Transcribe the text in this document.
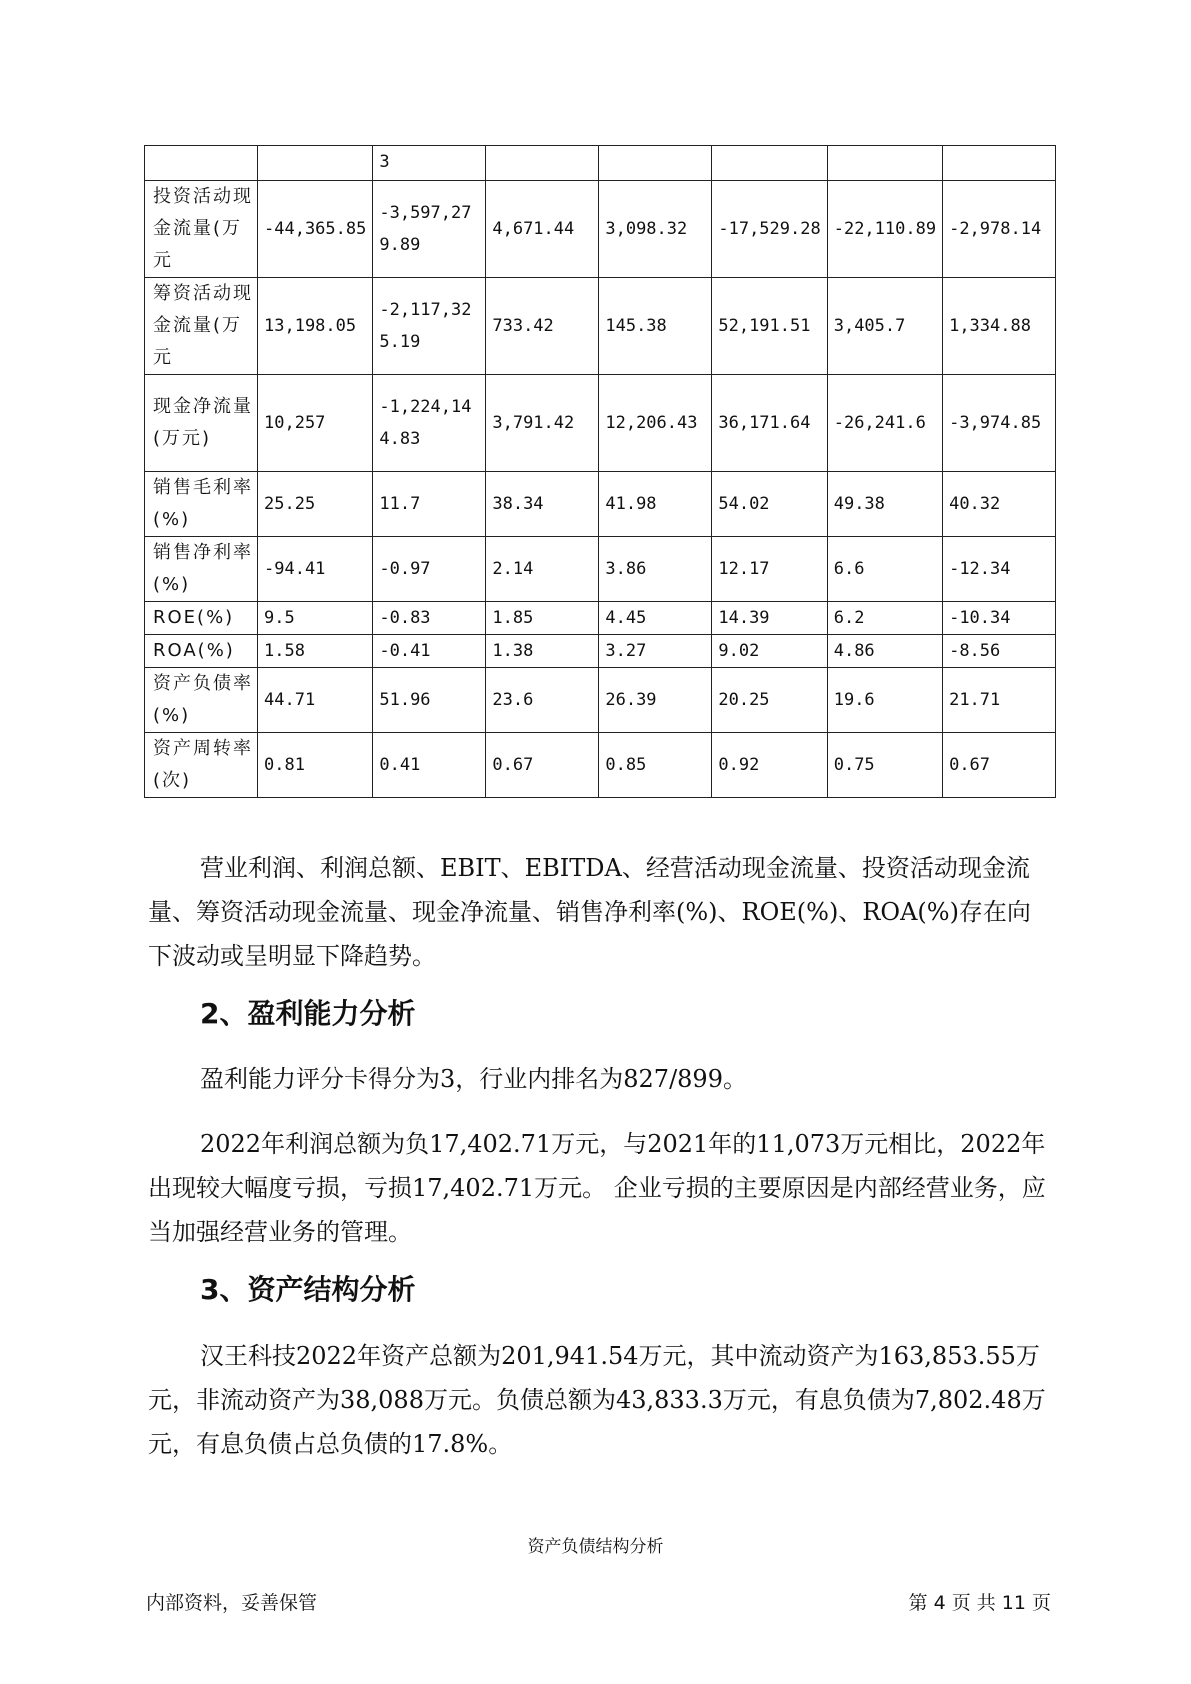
		3					
投资活动现金流量(万元	-44,365.85	-3,597,279.89	4,671.44	3,098.32	-17,529.28	-22,110.89	-2,978.14
筹资活动现金流量(万元	13,198.05	-2,117,325.19	733.42	145.38	52,191.51	3,405.7	1,334.88
现金净流量(万元)	10,257	-1,224,144.83	3,791.42	12,206.43	36,171.64	-26,241.6	-3,974.85
销售毛利率(%)	25.25	11.7	38.34	41.98	54.02	49.38	40.32
销售净利率(%)	-94.41	-0.97	2.14	3.86	12.17	6.6	-12.34
ROE(%)	9.5	-0.83	1.85	4.45	14.39	6.2	-10.34
ROA(%)	1.58	-0.41	1.38	3.27	9.02	4.86	-8.56
资产负债率(%)	44.71	51.96	23.6	26.39	20.25	19.6	21.71
资产周转率(次)	0.81	0.41	0.67	0.85	0.92	0.75	0.67

营业利润、利润总额、EBIT、EBITDA、经营活动现金流量、投资活动现金流量、筹资活动现金流量、现金净流量、销售净利率(%)、ROE(%)、ROA(%)存在向下波动或呈明显下降趋势。

2、盈利能力分析

盈利能力评分卡得分为3，行业内排名为827/899。

2022年利润总额为负17,402.71万元，与2021年的11,073万元相比，2022年出现较大幅度亏损，亏损17,402.71万元。 企业亏损的主要原因是内部经营业务，应当加强经营业务的管理。

3、资产结构分析

汉王科技2022年资产总额为201,941.54万元，其中流动资产为163,853.55万元，非流动资产为38,088万元。负债总额为43,833.3万元，有息负债为7,802.48万元，有息负债占总负债的17.8%。

资产负债结构分析
内部资料，妥善保管	第 4 页 共 11 页
